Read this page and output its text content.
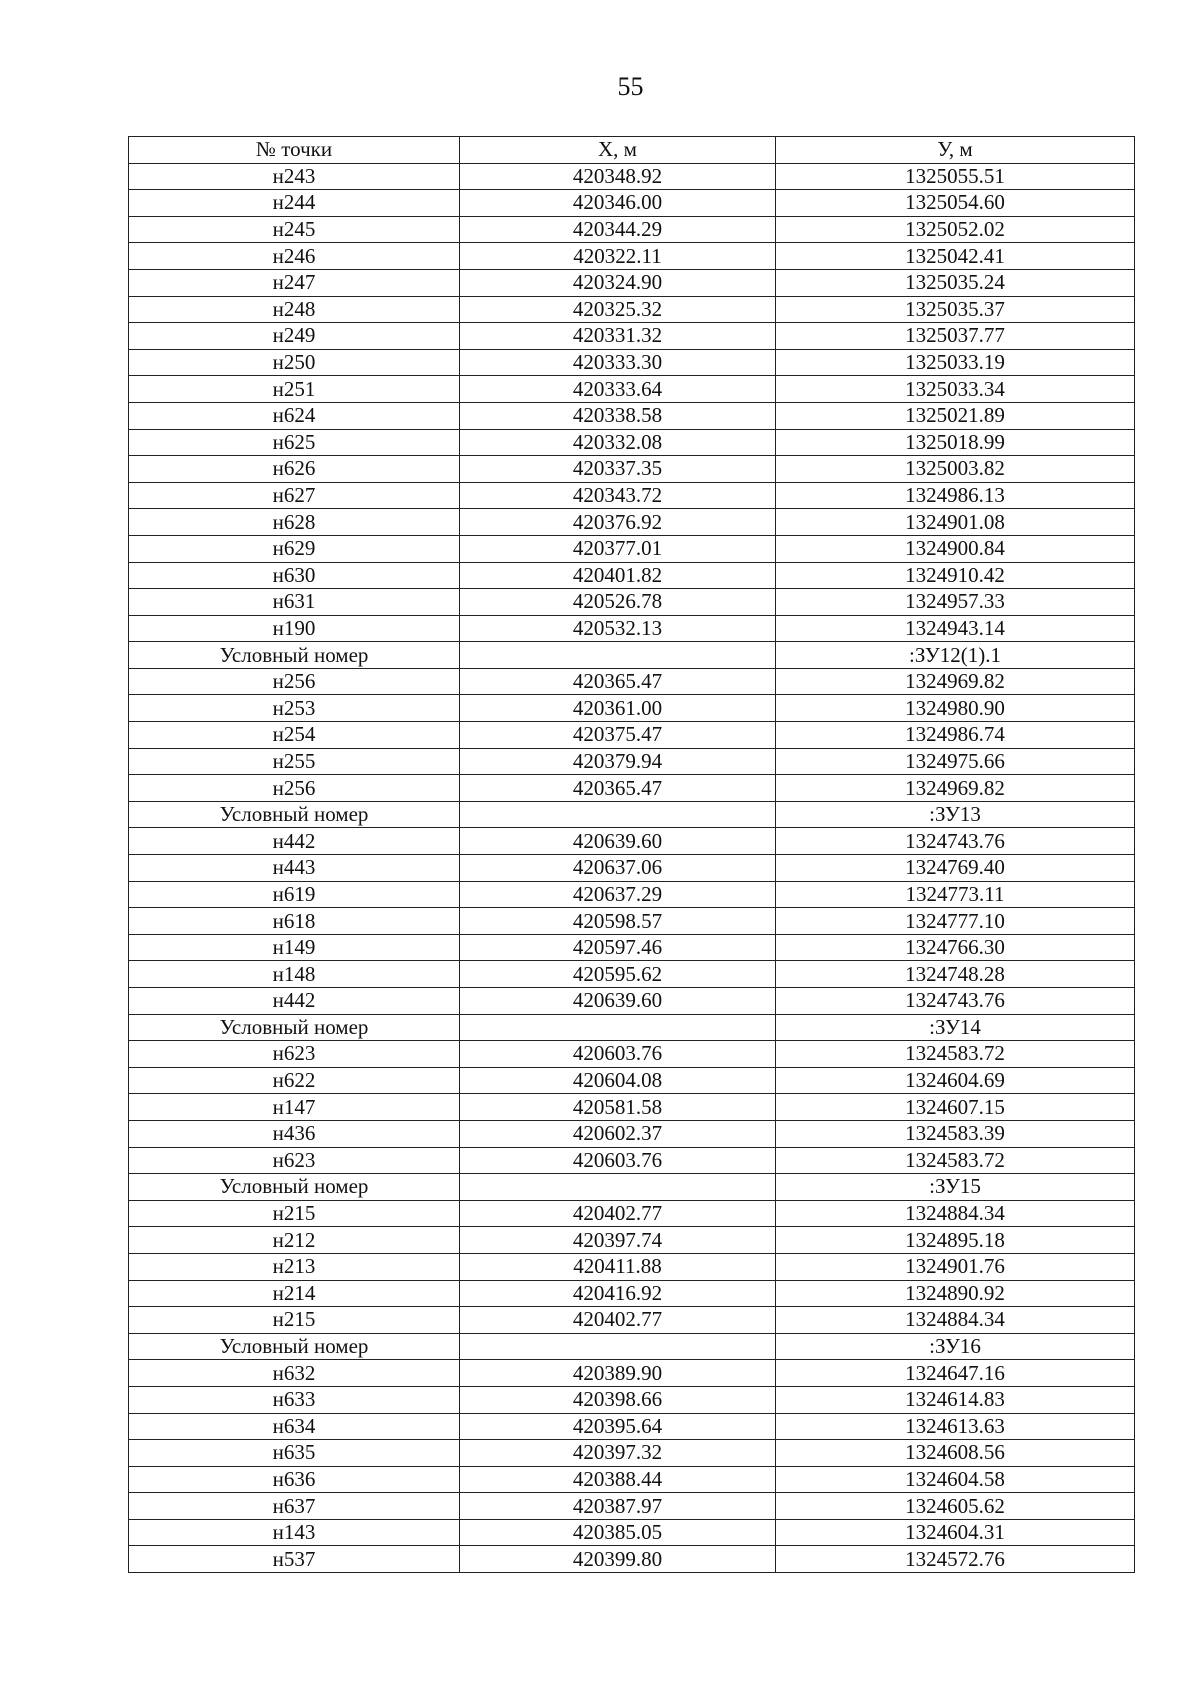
55
№ точки	Х, м	У, м
н243	420348.92	1325055.51
н244	420346.00	1325054.60
н245	420344.29	1325052.02
н246	420322.11	1325042.41
н247	420324.90	1325035.24
н248	420325.32	1325035.37
н249	420331.32	1325037.77
н250	420333.30	1325033.19
н251	420333.64	1325033.34
н624	420338.58	1325021.89
н625	420332.08	1325018.99
н626	420337.35	1325003.82
н627	420343.72	1324986.13
н628	420376.92	1324901.08
н629	420377.01	1324900.84
н630	420401.82	1324910.42
н631	420526.78	1324957.33
н190	420532.13	1324943.14
Условный номер		:ЗУ12(1).1
н256	420365.47	1324969.82
н253	420361.00	1324980.90
н254	420375.47	1324986.74
н255	420379.94	1324975.66
н256	420365.47	1324969.82
Условный номер		:ЗУ13
н442	420639.60	1324743.76
н443	420637.06	1324769.40
н619	420637.29	1324773.11
н618	420598.57	1324777.10
н149	420597.46	1324766.30
н148	420595.62	1324748.28
н442	420639.60	1324743.76
Условный номер		:ЗУ14
н623	420603.76	1324583.72
н622	420604.08	1324604.69
н147	420581.58	1324607.15
н436	420602.37	1324583.39
н623	420603.76	1324583.72
Условный номер		:ЗУ15
н215	420402.77	1324884.34
н212	420397.74	1324895.18
н213	420411.88	1324901.76
н214	420416.92	1324890.92
н215	420402.77	1324884.34
Условный номер		:ЗУ16
н632	420389.90	1324647.16
н633	420398.66	1324614.83
н634	420395.64	1324613.63
н635	420397.32	1324608.56
н636	420388.44	1324604.58
н637	420387.97	1324605.62
н143	420385.05	1324604.31
н537	420399.80	1324572.76
